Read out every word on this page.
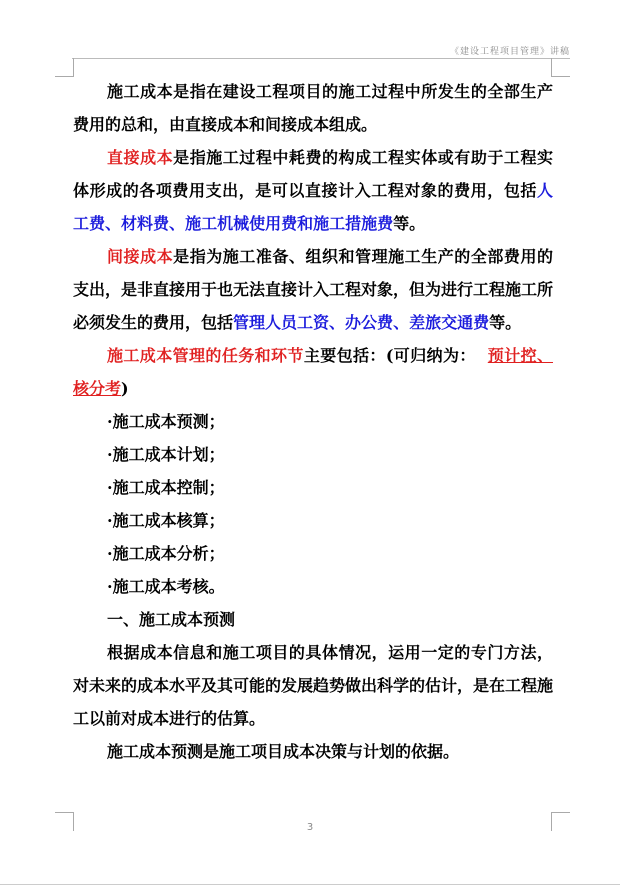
《建设工程项目管理》讲稿

施工成本是指在建设工程项目的施工过程中所发生的全部生产费用的总和，由直接成本和间接成本组成。

直接成本是指施工过程中耗费的构成工程实体或有助于工程实体形成的各项费用支出，是可以直接计入工程对象的费用，包括人工费、材料费、施工机械使用费和施工措施费等。

间接成本是指为施工准备、组织和管理施工生产的全部费用的支出，是非直接用于也无法直接计入工程对象，但为进行工程施工所必须发生的费用，包括管理人员工资、办公费、差旅交通费等。

施工成本管理的任务和环节主要包括：(可归纳为： 预计控、核分考)

·施工成本预测；
·施工成本计划；
·施工成本控制；
·施工成本核算；
·施工成本分析；
·施工成本考核。

一、施工成本预测

根据成本信息和施工项目的具体情况，运用一定的专门方法，对未来的成本水平及其可能的发展趋势做出科学的估计，是在工程施工以前对成本进行的估算。

施工成本预测是施工项目成本决策与计划的依据。

3
